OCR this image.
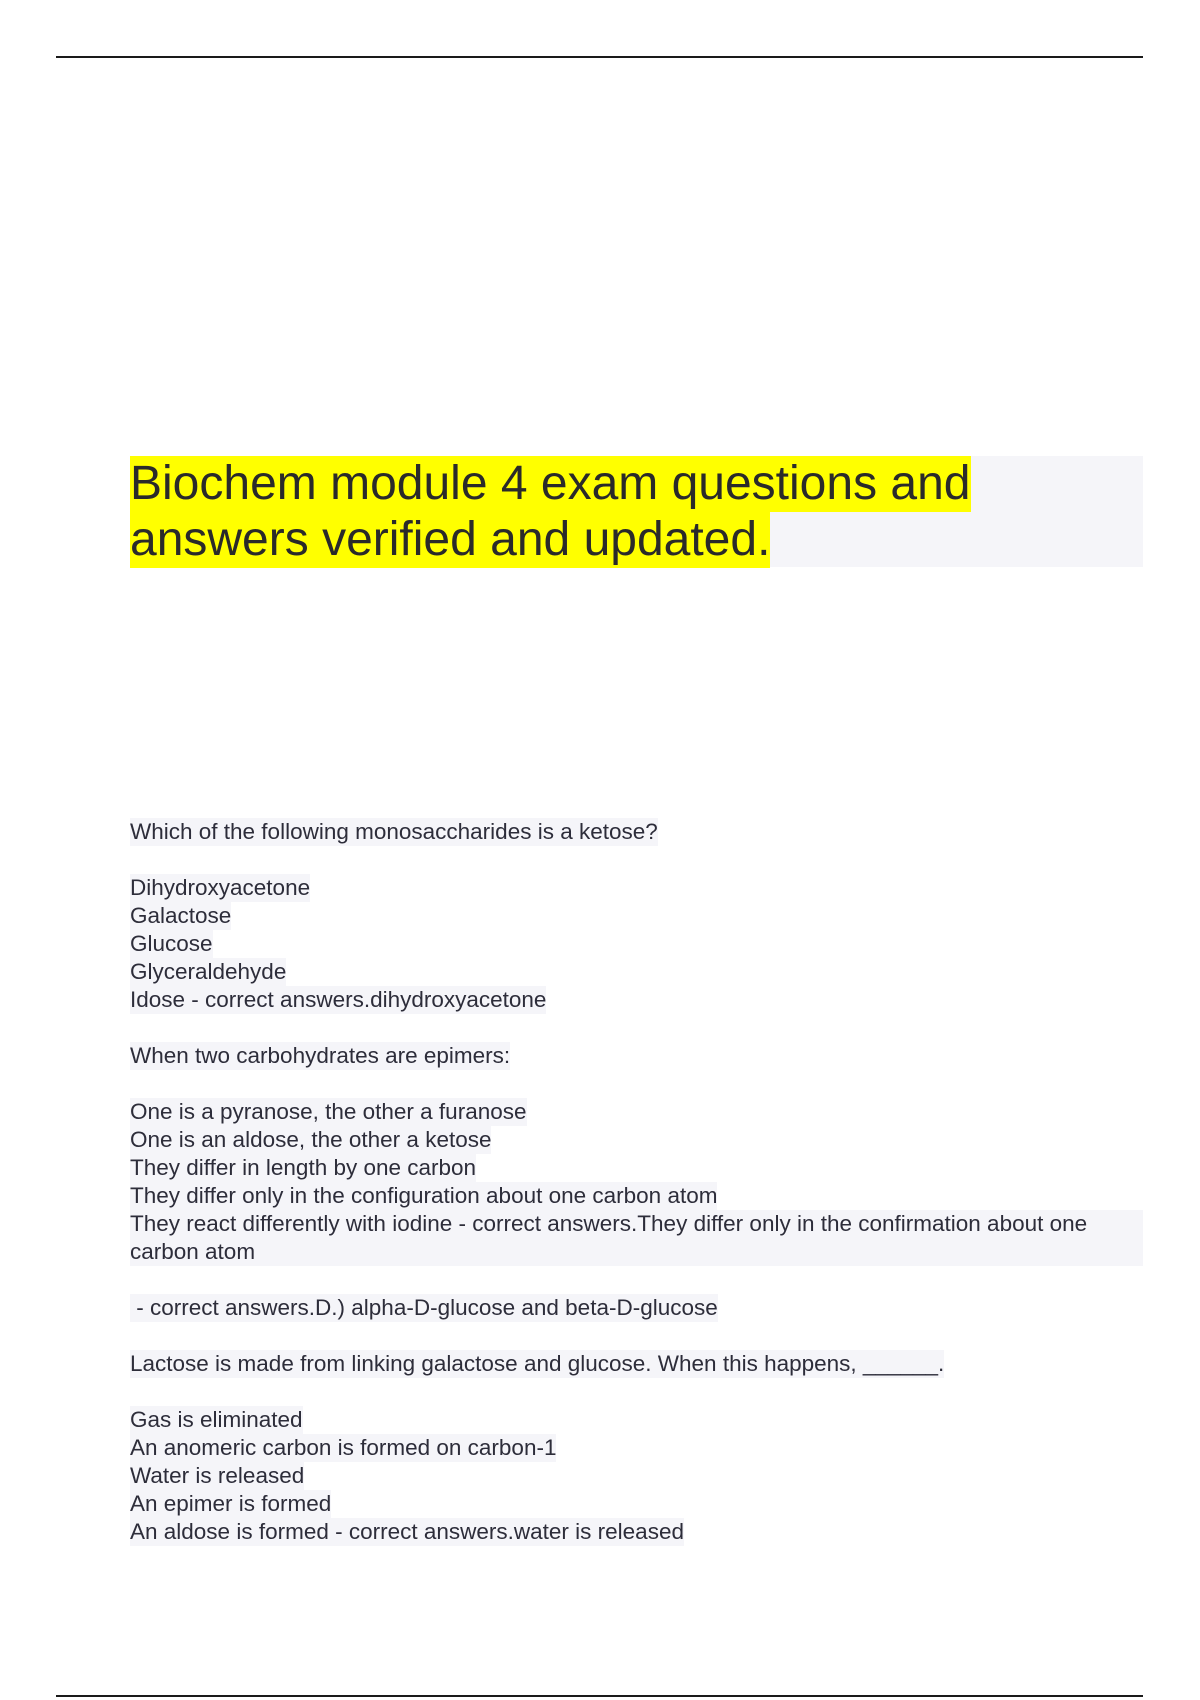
Biochem module 4 exam questions and
answers verified and updated.
Which of the following monosaccharides is a ketose?
Dihydroxyacetone
Galactose
Glucose
Glyceraldehyde
Idose - correct answers.dihydroxyacetone
When two carbohydrates are epimers:
One is a pyranose, the other a furanose
One is an aldose, the other a ketose
They differ in length by one carbon
They differ only in the configuration about one carbon atom
They react differently with iodine - correct answers.They differ only in the confirmation about one carbon atom
- correct answers.D.) alpha-D-glucose and beta-D-glucose
Lactose is made from linking galactose and glucose. When this happens, ______.
Gas is eliminated
An anomeric carbon is formed on carbon-1
Water is released
An epimer is formed
An aldose is formed - correct answers.water is released
